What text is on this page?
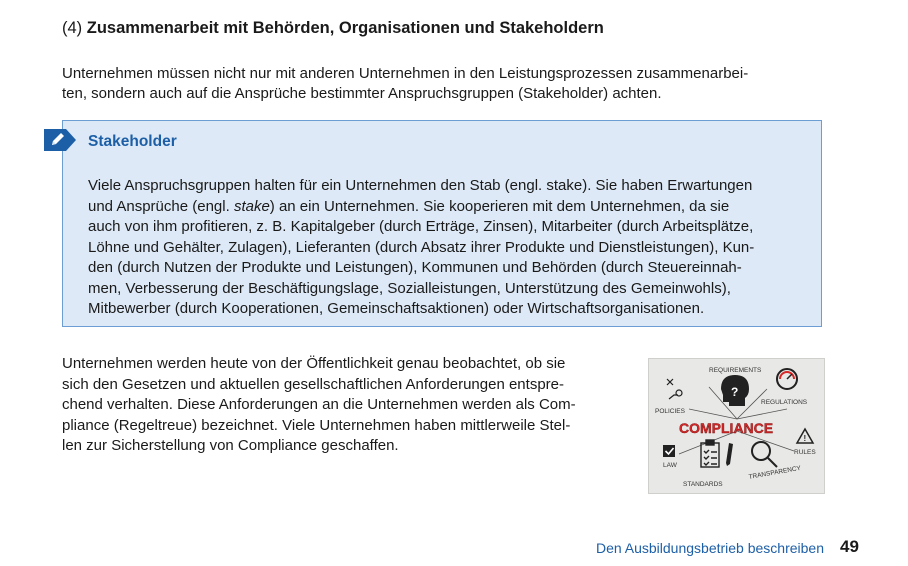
(4) Zusammenarbeit mit Behörden, Organisationen und Stakeholdern

Unternehmen müssen nicht nur mit anderen Unternehmen in den Leistungsprozessen zusammenarbei-

ten, sondern auch auf die Ansprüche bestimmter Anspruchsgruppen (Stakeholder) achten.

Stakeholder

Viele Anspruchsgruppen halten für ein Unternehmen den Stab (engl. stake). Sie haben Erwartungen

und Ansprüche (engl. stake) an ein Unternehmen. Sie kooperieren mit dem Unternehmen, da sie

auch von ihm profitieren, z. B. Kapitalgeber (durch Erträge, Zinsen), Mitarbeiter (durch Arbeitsplätze,

Löhne und Gehälter, Zulagen), Lieferanten (durch Absatz ihrer Produkte und Dienstleistungen), Kun-

den (durch Nutzen der Produkte und Leistungen), Kommunen und Behörden (durch Steuereinnah-

men, Verbesserung der Beschäftigungslage, Sozialleistungen, Unterstützung des Gemeinwohls),

Mitbewerber (durch Kooperationen, Gemeinschaftsaktionen) oder Wirtschaftsorganisationen.

Unternehmen werden heute von der Öffentlichkeit genau beobachtet, ob sie

sich den Gesetzen und aktuellen gesellschaftlichen Anforderungen entspre-

chend verhalten. Diese Anforderungen an die Unternehmen werden als Com-

pliance (Regeltreue) bezeichnet. Viele Unternehmen haben mittlerweile Stel-

len zur Sicherstellung von Compliance geschaffen.

?
REQUIREMENTS
POLICIES
REGULATIONS
COMPLIANCE
!
LAW
RULES
STANDARDS
TRANSPARENCY
Den Ausbildungsbetrieb beschreiben 49
